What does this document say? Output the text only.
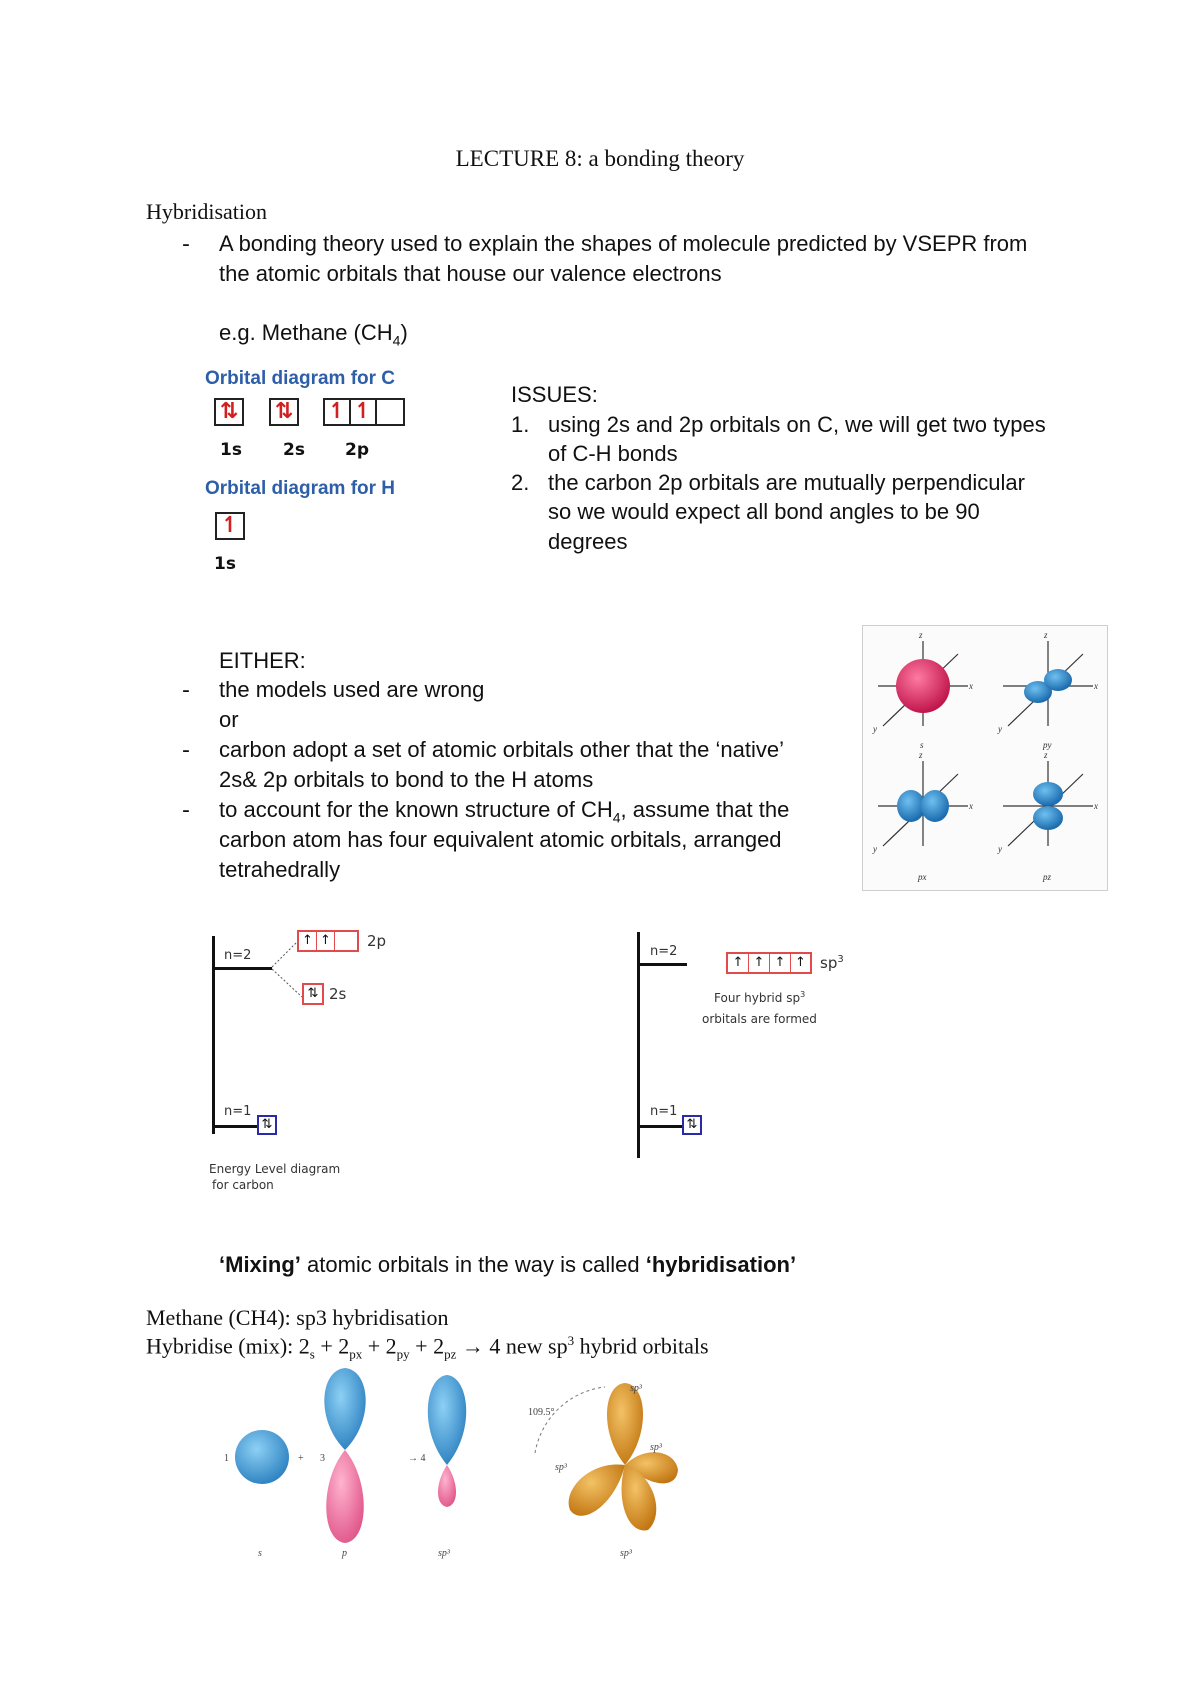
LECTURE 8: a bonding theory
Hybridisation
- A bonding theory used to explain the shapes of molecule predicted by VSEPR from
the atomic orbitals that house our valence electrons
e.g. Methane $(CH_4)$
Orbital diagram for C
⇅ ⇅ ↿ ↿
1s 2s 2p
Orbital diagram for H
↿
1s
ISSUES:
1. using 2s and 2p orbitals on C, we will get two types
of C-H bonds
2. the carbon 2p orbitals are mutually perpendicular
so we would expect all bond angles to be 90
degrees
EITHER:
- the models used are wrong
or
- carbon adopt a set of atomic orbitals other that the ‘native’
2s& 2p orbitals to bond to the H atoms
- to account for the known structure of $CH_4$, assume that the
carbon atom has four equivalent atomic orbitals, arranged
tetrahedrally
z
x
y
z
x
y
z
x
y
z
x
y
s	py
px	pz
n=2
n=1
↑ ↑ 2p
⇅ 2s
⇅
Energy Level diagram
for carbon
n=2
n=1
↑ ↑ ↑ ↑ $sp^3$
Four hybrid $sp^3$
orbitals are formed
⇅
‘Mixing’ atomic orbitals in the way is called ‘hybridisation’
Methane (CH4): sp3 hybridisation
Hybridise (mix): $2_s + 2_{px} + 2_{py} + 2_{pz} \to 4$ new $sp^3$ hybrid orbitals
1	+ 3	→ 4
s	p	sp³
109.5°
sp³
sp³
sp³
sp³
